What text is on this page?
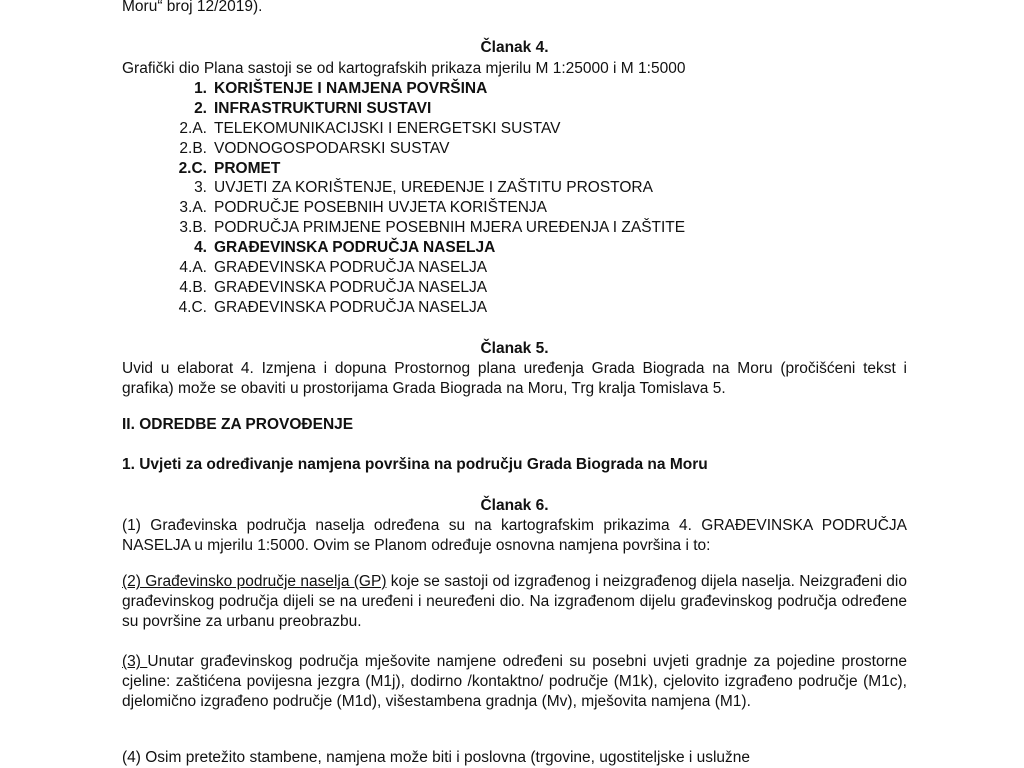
Moru“ broj 12/2019).
Članak 4.
Grafički dio Plana sastoji se od kartografskih prikaza mjerilu M 1:25000 i M 1:5000
1. KORIŠTENJE I NAMJENA POVRŠINA
2. INFRASTRUKTURNI SUSTAVI
2.A. TELEKOMUNIKACIJSKI I ENERGETSKI SUSTAV
2.B. VODNOGOSPODARSKI SUSTAV
2.C. PROMET
3. UVJETI ZA KORIŠTENJE, UREĐENJE I ZAŠTITU PROSTORA
3.A. PODRUČJE POSEBNIH UVJETA KORIŠTENJA
3.B. PODRUČJA PRIMJENE POSEBNIH MJERA UREĐENJA I ZAŠTITE
4. GRAĐEVINSKA PODRUČJA NASELJA
4.A. GRAĐEVINSKA PODRUČJA NASELJA
4.B. GRAĐEVINSKA PODRUČJA NASELJA
4.C. GRAĐEVINSKA PODRUČJA NASELJA
Članak 5.
Uvid u elaborat 4. Izmjena i dopuna Prostornog plana uređenja Grada Biograda na Moru (pročišćeni tekst i grafika) može se obaviti u prostorijama Grada Biograda na Moru, Trg kralja Tomislava 5.
II. ODREDBE ZA PROVOĐENJE
1. Uvjeti za određivanje namjena površina na području Grada Biograda na Moru
Članak 6.
(1) Građevinska područja naselja određena su na kartografskim prikazima 4. GRAĐEVINSKA PODRUČJA NASELJA u mjerilu 1:5000. Ovim se Planom određuje osnovna namjena površina i to:
(2) Građevinsko područje naselja (GP) koje se sastoji od izgrađenog i neizgrađenog dijela naselja. Neizgrađeni dio građevinskog područja dijeli se na uređeni i neuređeni dio. Na izgrađenom dijelu građevinskog područja određene su površine za urbanu preobrazbu.
(3) Unutar građevinskog područja mješovite namjene određeni su posebni uvjeti gradnje za pojedine prostorne cjeline: zaštićena povijesna jezgra (M1j), dodirno /kontaktno/ područje (M1k), cjelovito izgrađeno područje (M1c), djelomično izgrađeno područje (M1d), višestambena gradnja (Mv), mješovita namjena (M1).
(4) Osim pretežito stambene, namjena može biti i poslovna (trgovine, ugostiteljske i uslužne
